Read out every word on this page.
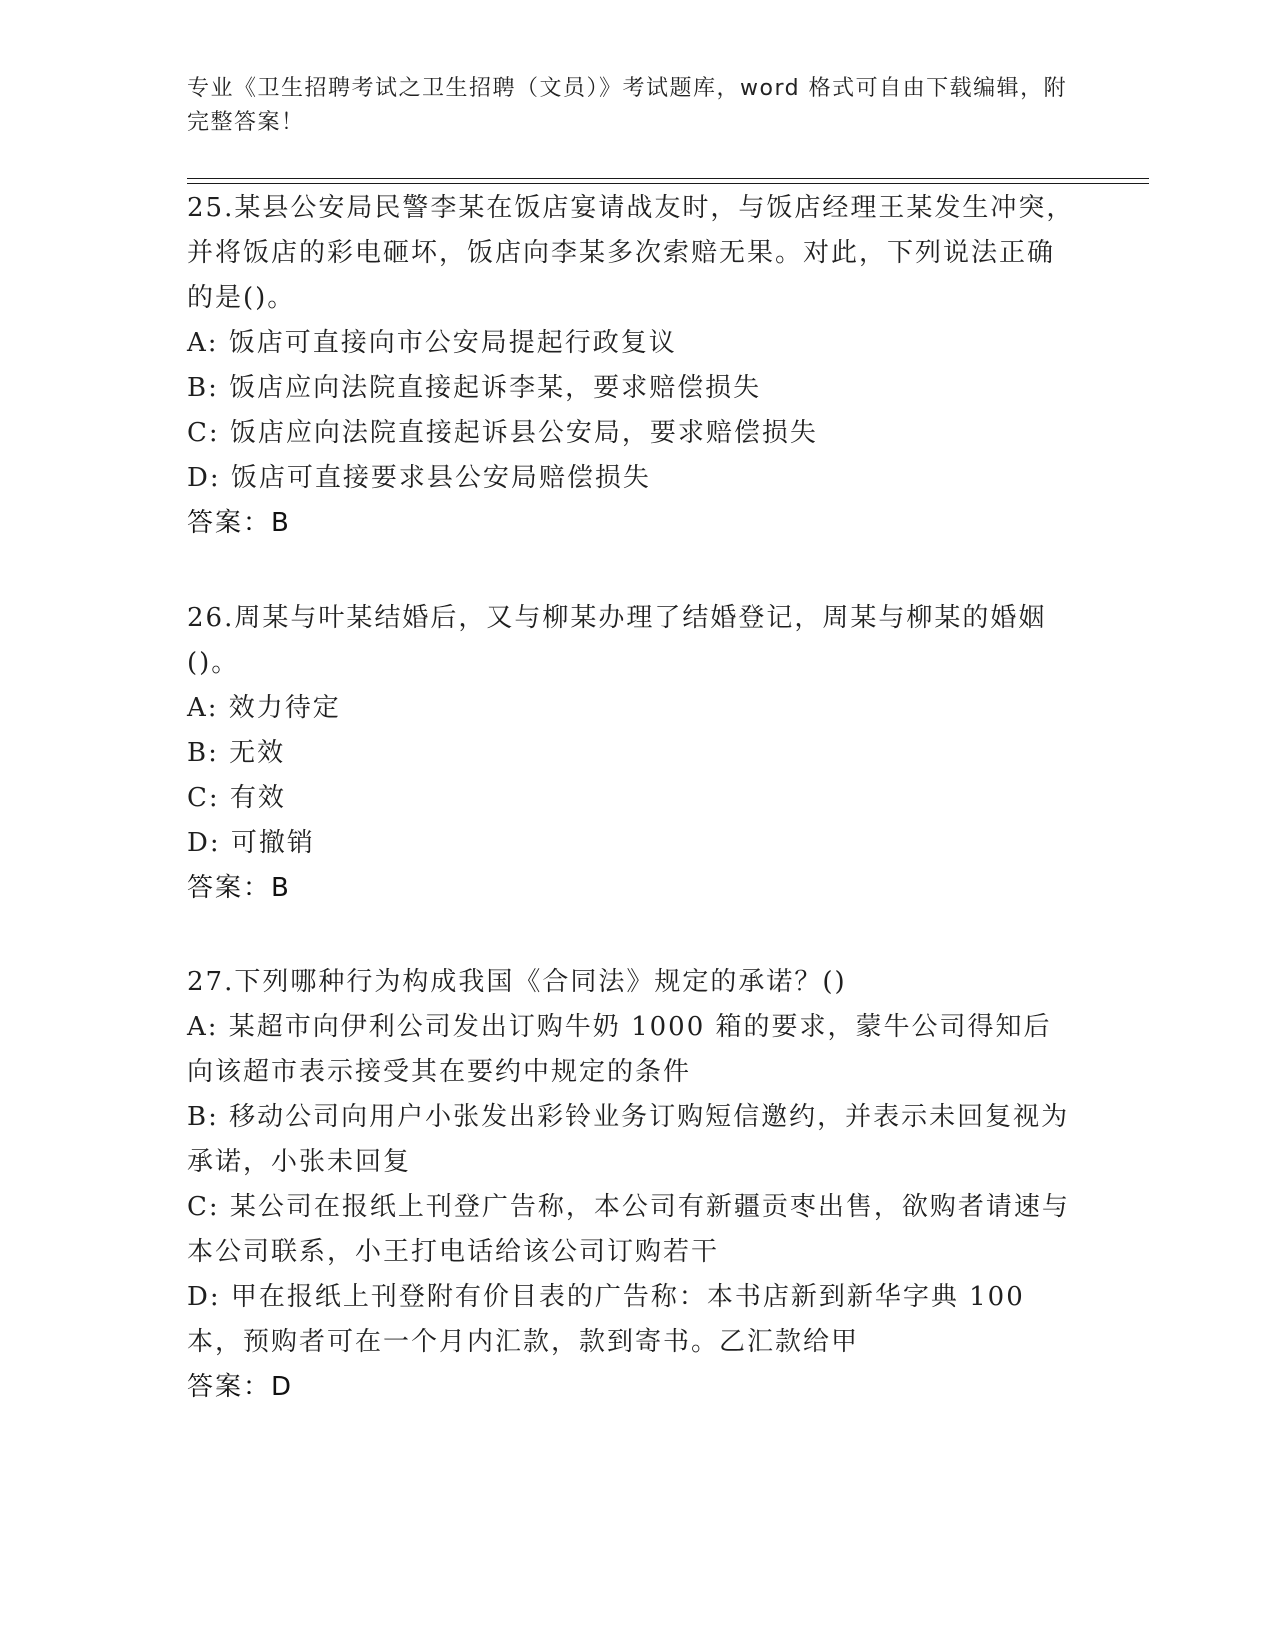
专业《卫生招聘考试之卫生招聘（文员）》考试题库，word 格式可自由下载编辑，附完整答案！

25.某县公安局民警李某在饭店宴请战友时，与饭店经理王某发生冲突，并将饭店的彩电砸坏，饭店向李某多次索赔无果。对此，下列说法正确的是()。

A: 饭店可直接向市公安局提起行政复议

B: 饭店应向法院直接起诉李某，要求赔偿损失

C: 饭店应向法院直接起诉县公安局，要求赔偿损失

D: 饭店可直接要求县公安局赔偿损失

答案：B

26.周某与叶某结婚后，又与柳某办理了结婚登记，周某与柳某的婚姻()。

A: 效力待定

B: 无效

C: 有效

D: 可撤销

答案：B

27.下列哪种行为构成我国《合同法》规定的承诺？()

A: 某超市向伊利公司发出订购牛奶 1000 箱的要求，蒙牛公司得知后向该超市表示接受其在要约中规定的条件

B: 移动公司向用户小张发出彩铃业务订购短信邀约，并表示未回复视为承诺，小张未回复

C: 某公司在报纸上刊登广告称，本公司有新疆贡枣出售，欲购者请速与本公司联系，小王打电话给该公司订购若干

D: 甲在报纸上刊登附有价目表的广告称：本书店新到新华字典 100 本，预购者可在一个月内汇款，款到寄书。乙汇款给甲

答案：D
